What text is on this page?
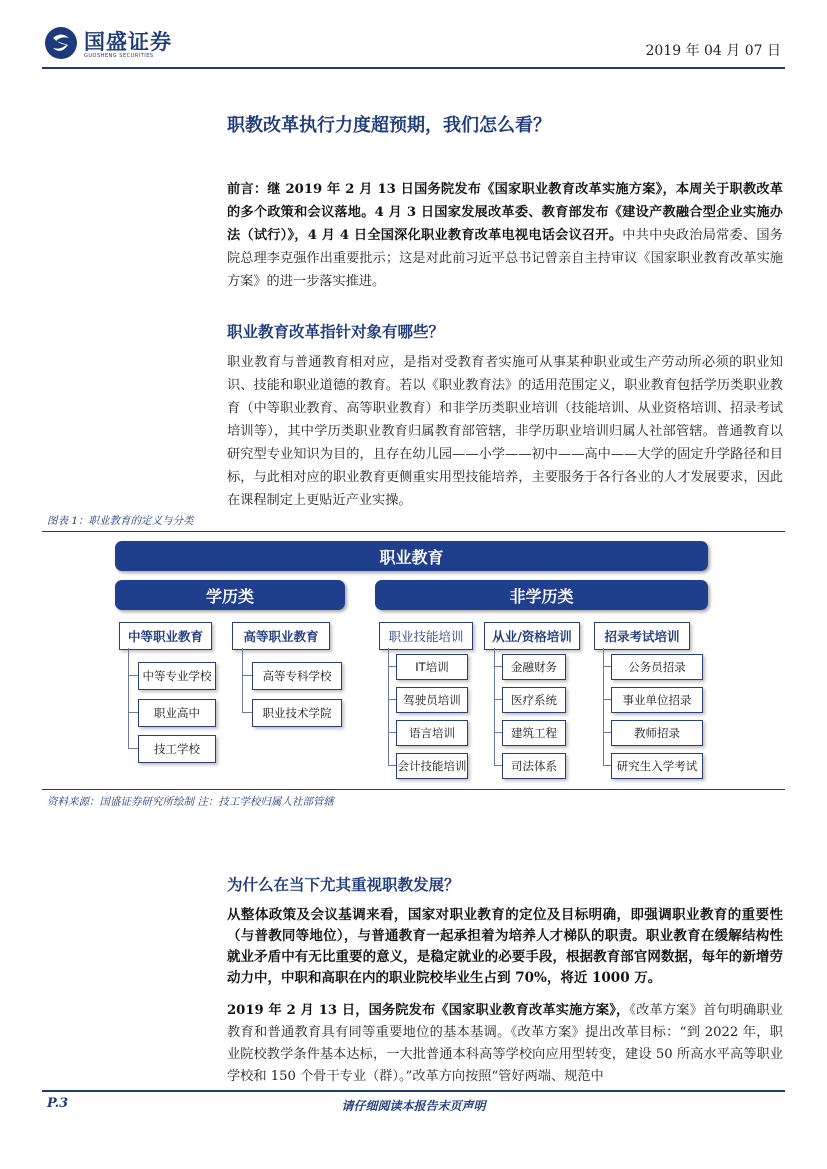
国盛证券
GUOSHENG SECURITIES	2019 年 04 月 07 日
职教改革执行力度超预期，我们怎么看？
前言：继 2019 年 2 月 13 日国务院发布《国家职业教育改革实施方案》，本周关于职教改革的多个政策和会议落地。4 月 3 日国家发展改革委、教育部发布《建设产教融合型企业实施办法（试行）》，4 月 4 日全国深化职业教育改革电视电话会议召开。中共中央政治局常委、国务院总理李克强作出重要批示；这是对此前习近平总书记曾亲自主持审议《国家职业教育改革实施方案》的进一步落实推进。
职业教育改革指针对象有哪些？
职业教育与普通教育相对应，是指对受教育者实施可从事某种职业或生产劳动所必须的职业知识、技能和职业道德的教育。若以《职业教育法》的适用范围定义，职业教育包括学历类职业教育（中等职业教育、高等职业教育）和非学历类职业培训（技能培训、从业资格培训、招录考试培训等），其中学历类职业教育归属教育部管辖，非学历职业培训归属人社部管辖。普通教育以研究型专业知识为目的，且存在幼儿园——小学——初中——高中——大学的固定升学路径和目标，与此相对应的职业教育更侧重实用型技能培养，主要服务于各行各业的人才发展要求，因此在课程制定上更贴近产业实操。
图表 1：职业教育的定义与分类
职业教育
学历类	非学历类
中等职业教育
中等专业学校
职业高中
技工学校
高等职业教育
高等专科学校
职业技术学院
职业技能培训
IT培训
驾驶员培训
语言培训
会计技能培训
从业/资格培训
金融财务
医疗系统
建筑工程
司法体系
招录考试培训
公务员招录
事业单位招录
教师招录
研究生入学考试
资料来源：国盛证券研究所绘制 注：技工学校归属人社部管辖
为什么在当下尤其重视职教发展？
从整体政策及会议基调来看，国家对职业教育的定位及目标明确，即强调职业教育的重要性（与普教同等地位），与普通教育一起承担着为培养人才梯队的职责。职业教育在缓解结构性就业矛盾中有无比重要的意义，是稳定就业的必要手段，根据教育部官网数据，每年的新增劳动力中，中职和高职在内的职业院校毕业生占到 70%，将近 1000 万。
2019 年 2 月 13 日，国务院发布《国家职业教育改革实施方案》，《改革方案》首句明确职业教育和普通教育具有同等重要地位的基本基调。《改革方案》提出改革目标：“到 2022 年，职业院校教学条件基本达标，一大批普通本科高等学校向应用型转变，建设 50 所高水平高等职业学校和 150 个骨干专业（群）。”改革方向按照“管好两端、规范中
P.3	请仔细阅读本报告末页声明
